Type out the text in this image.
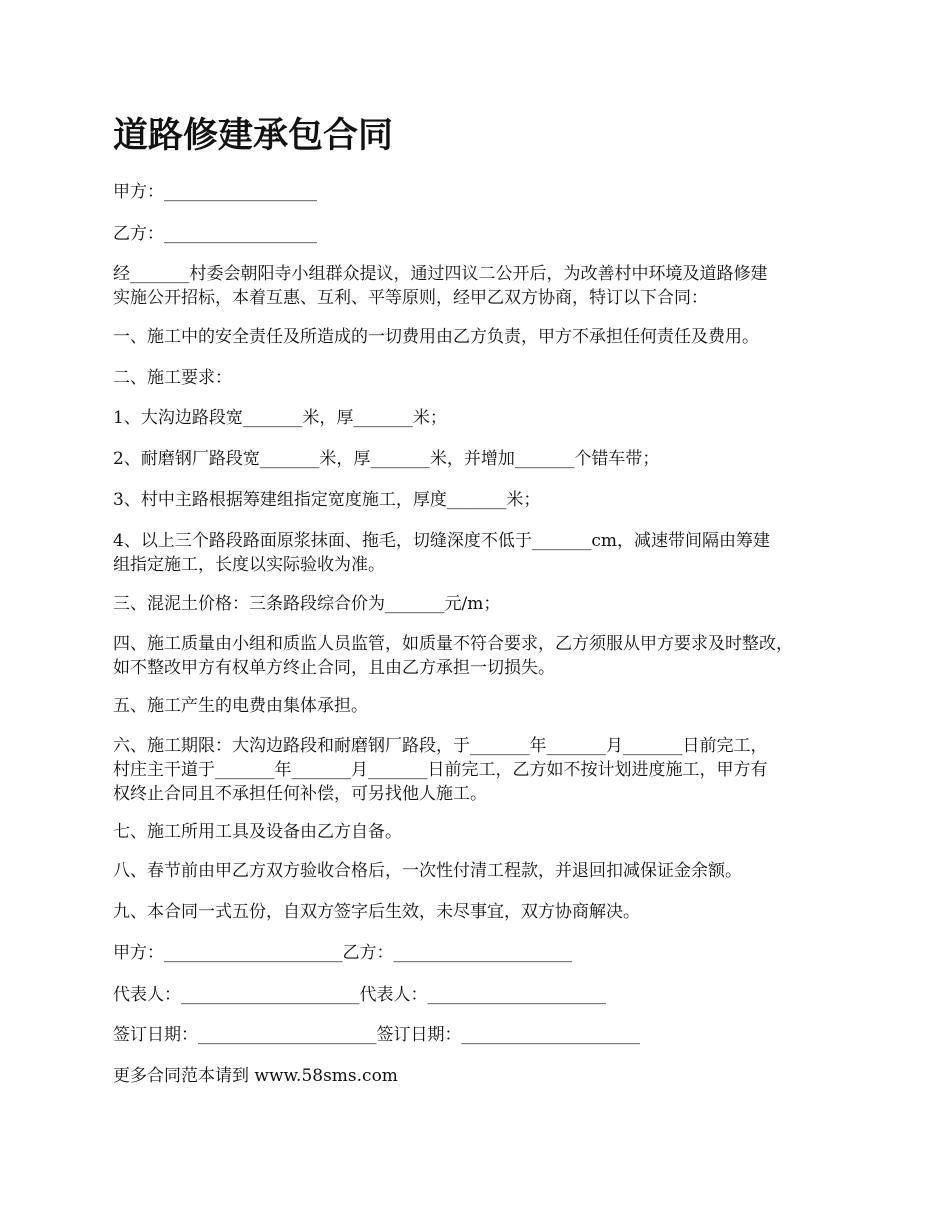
道路修建承包合同

甲方：__________________

乙方：__________________

经_______村委会朝阳寺小组群众提议，通过四议二公开后，为改善村中环境及道路修建
实施公开招标，本着互惠、互利、平等原则，经甲乙双方协商，特订以下合同：

一、施工中的安全责任及所造成的一切费用由乙方负责，甲方不承担任何责任及费用。

二、施工要求：

1、大沟边路段宽_______米，厚_______米；

2、耐磨钢厂路段宽_______米，厚_______米，并增加_______个错车带；

3、村中主路根据筹建组指定宽度施工，厚度_______米；

4、以上三个路段路面原浆抹面、拖毛，切缝深度不低于_______cm，减速带间隔由筹建
组指定施工，长度以实际验收为准。

三、混泥土价格：三条路段综合价为_______元/m；

四、施工质量由小组和质监人员监管，如质量不符合要求，乙方须服从甲方要求及时整改，
如不整改甲方有权单方终止合同，且由乙方承担一切损失。

五、施工产生的电费由集体承担。

六、施工期限：大沟边路段和耐磨钢厂路段，于_______年_______月_______日前完工，
村庄主干道于_______年_______月_______日前完工，乙方如不按计划进度施工，甲方有
权终止合同且不承担任何补偿，可另找他人施工。

七、施工所用工具及设备由乙方自备。

八、春节前由甲乙方双方验收合格后，一次性付清工程款，并退回扣减保证金余额。

九、本合同一式五份，自双方签字后生效，未尽事宜，双方协商解决。

甲方：_____________________乙方：_____________________

代表人：_____________________代表人：_____________________

签订日期：_____________________签订日期：_____________________

更多合同范本请到 www.58sms.com
